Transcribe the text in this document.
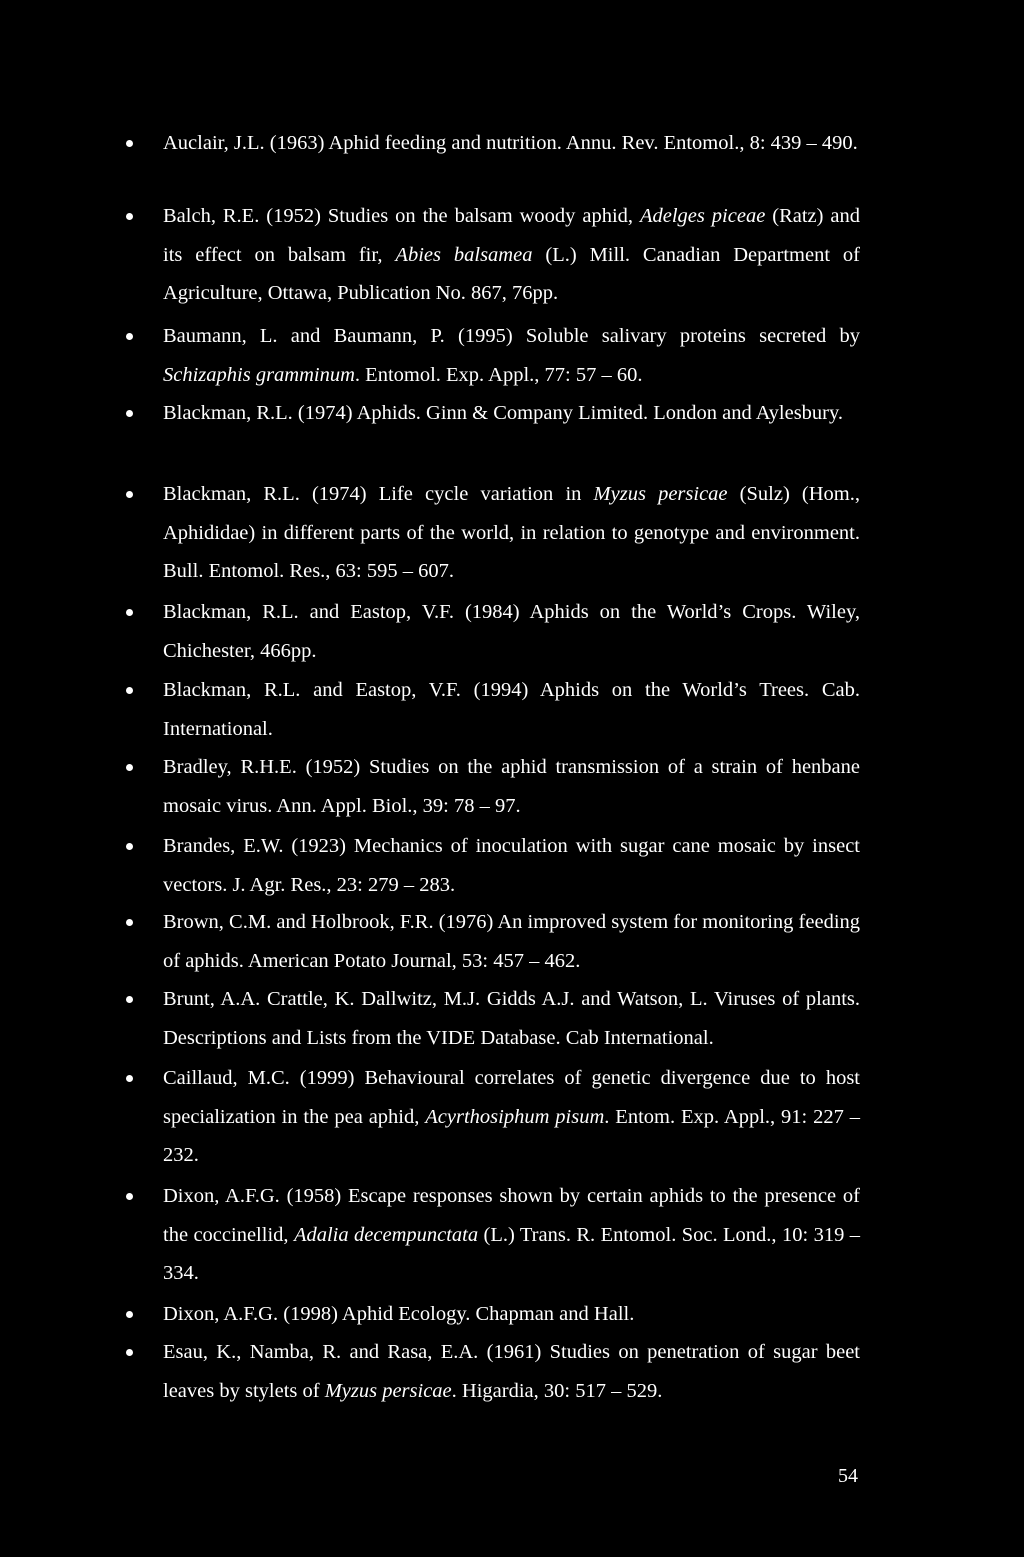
Auclair, J.L. (1963) Aphid feeding and nutrition. Annu. Rev. Entomol., 8: 439 – 490.
Balch, R.E. (1952) Studies on the balsam woody aphid, Adelges piceae (Ratz) and its effect on balsam fir, Abies balsamea (L.) Mill. Canadian Department of Agriculture, Ottawa, Publication No. 867, 76pp.
Baumann, L. and Baumann, P. (1995) Soluble salivary proteins secreted by Schizaphis gramminum. Entomol. Exp. Appl., 77: 57 – 60.
Blackman, R.L. (1974) Aphids. Ginn & Company Limited. London and Aylesbury.
Blackman, R.L. (1974) Life cycle variation in Myzus persicae (Sulz) (Hom., Aphididae) in different parts of the world, in relation to genotype and environment. Bull. Entomol. Res., 63: 595 – 607.
Blackman, R.L. and Eastop, V.F. (1984) Aphids on the World’s Crops. Wiley, Chichester, 466pp.
Blackman, R.L. and Eastop, V.F. (1994) Aphids on the World’s Trees. Cab. International.
Bradley, R.H.E. (1952) Studies on the aphid transmission of a strain of henbane mosaic virus. Ann. Appl. Biol., 39: 78 – 97.
Brandes, E.W. (1923) Mechanics of inoculation with sugar cane mosaic by insect vectors. J. Agr. Res., 23: 279 – 283.
Brown, C.M. and Holbrook, F.R. (1976) An improved system for monitoring feeding of aphids. American Potato Journal, 53: 457 – 462.
Brunt, A.A. Crattle, K. Dallwitz, M.J. Gidds A.J. and Watson, L. Viruses of plants. Descriptions and Lists from the VIDE Database. Cab International.
Caillaud, M.C. (1999) Behavioural correlates of genetic divergence due to host specialization in the pea aphid, Acyrthosiphum pisum. Entom. Exp. Appl., 91: 227 – 232.
Dixon, A.F.G. (1958) Escape responses shown by certain aphids to the presence of the coccinellid, Adalia decempunctata (L.) Trans. R. Entomol. Soc. Lond., 10: 319 – 334.
Dixon, A.F.G. (1998) Aphid Ecology. Chapman and Hall.
Esau, K., Namba, R. and Rasa, E.A. (1961) Studies on penetration of sugar beet leaves by stylets of Myzus persicae. Higardia, 30: 517 – 529.
54
